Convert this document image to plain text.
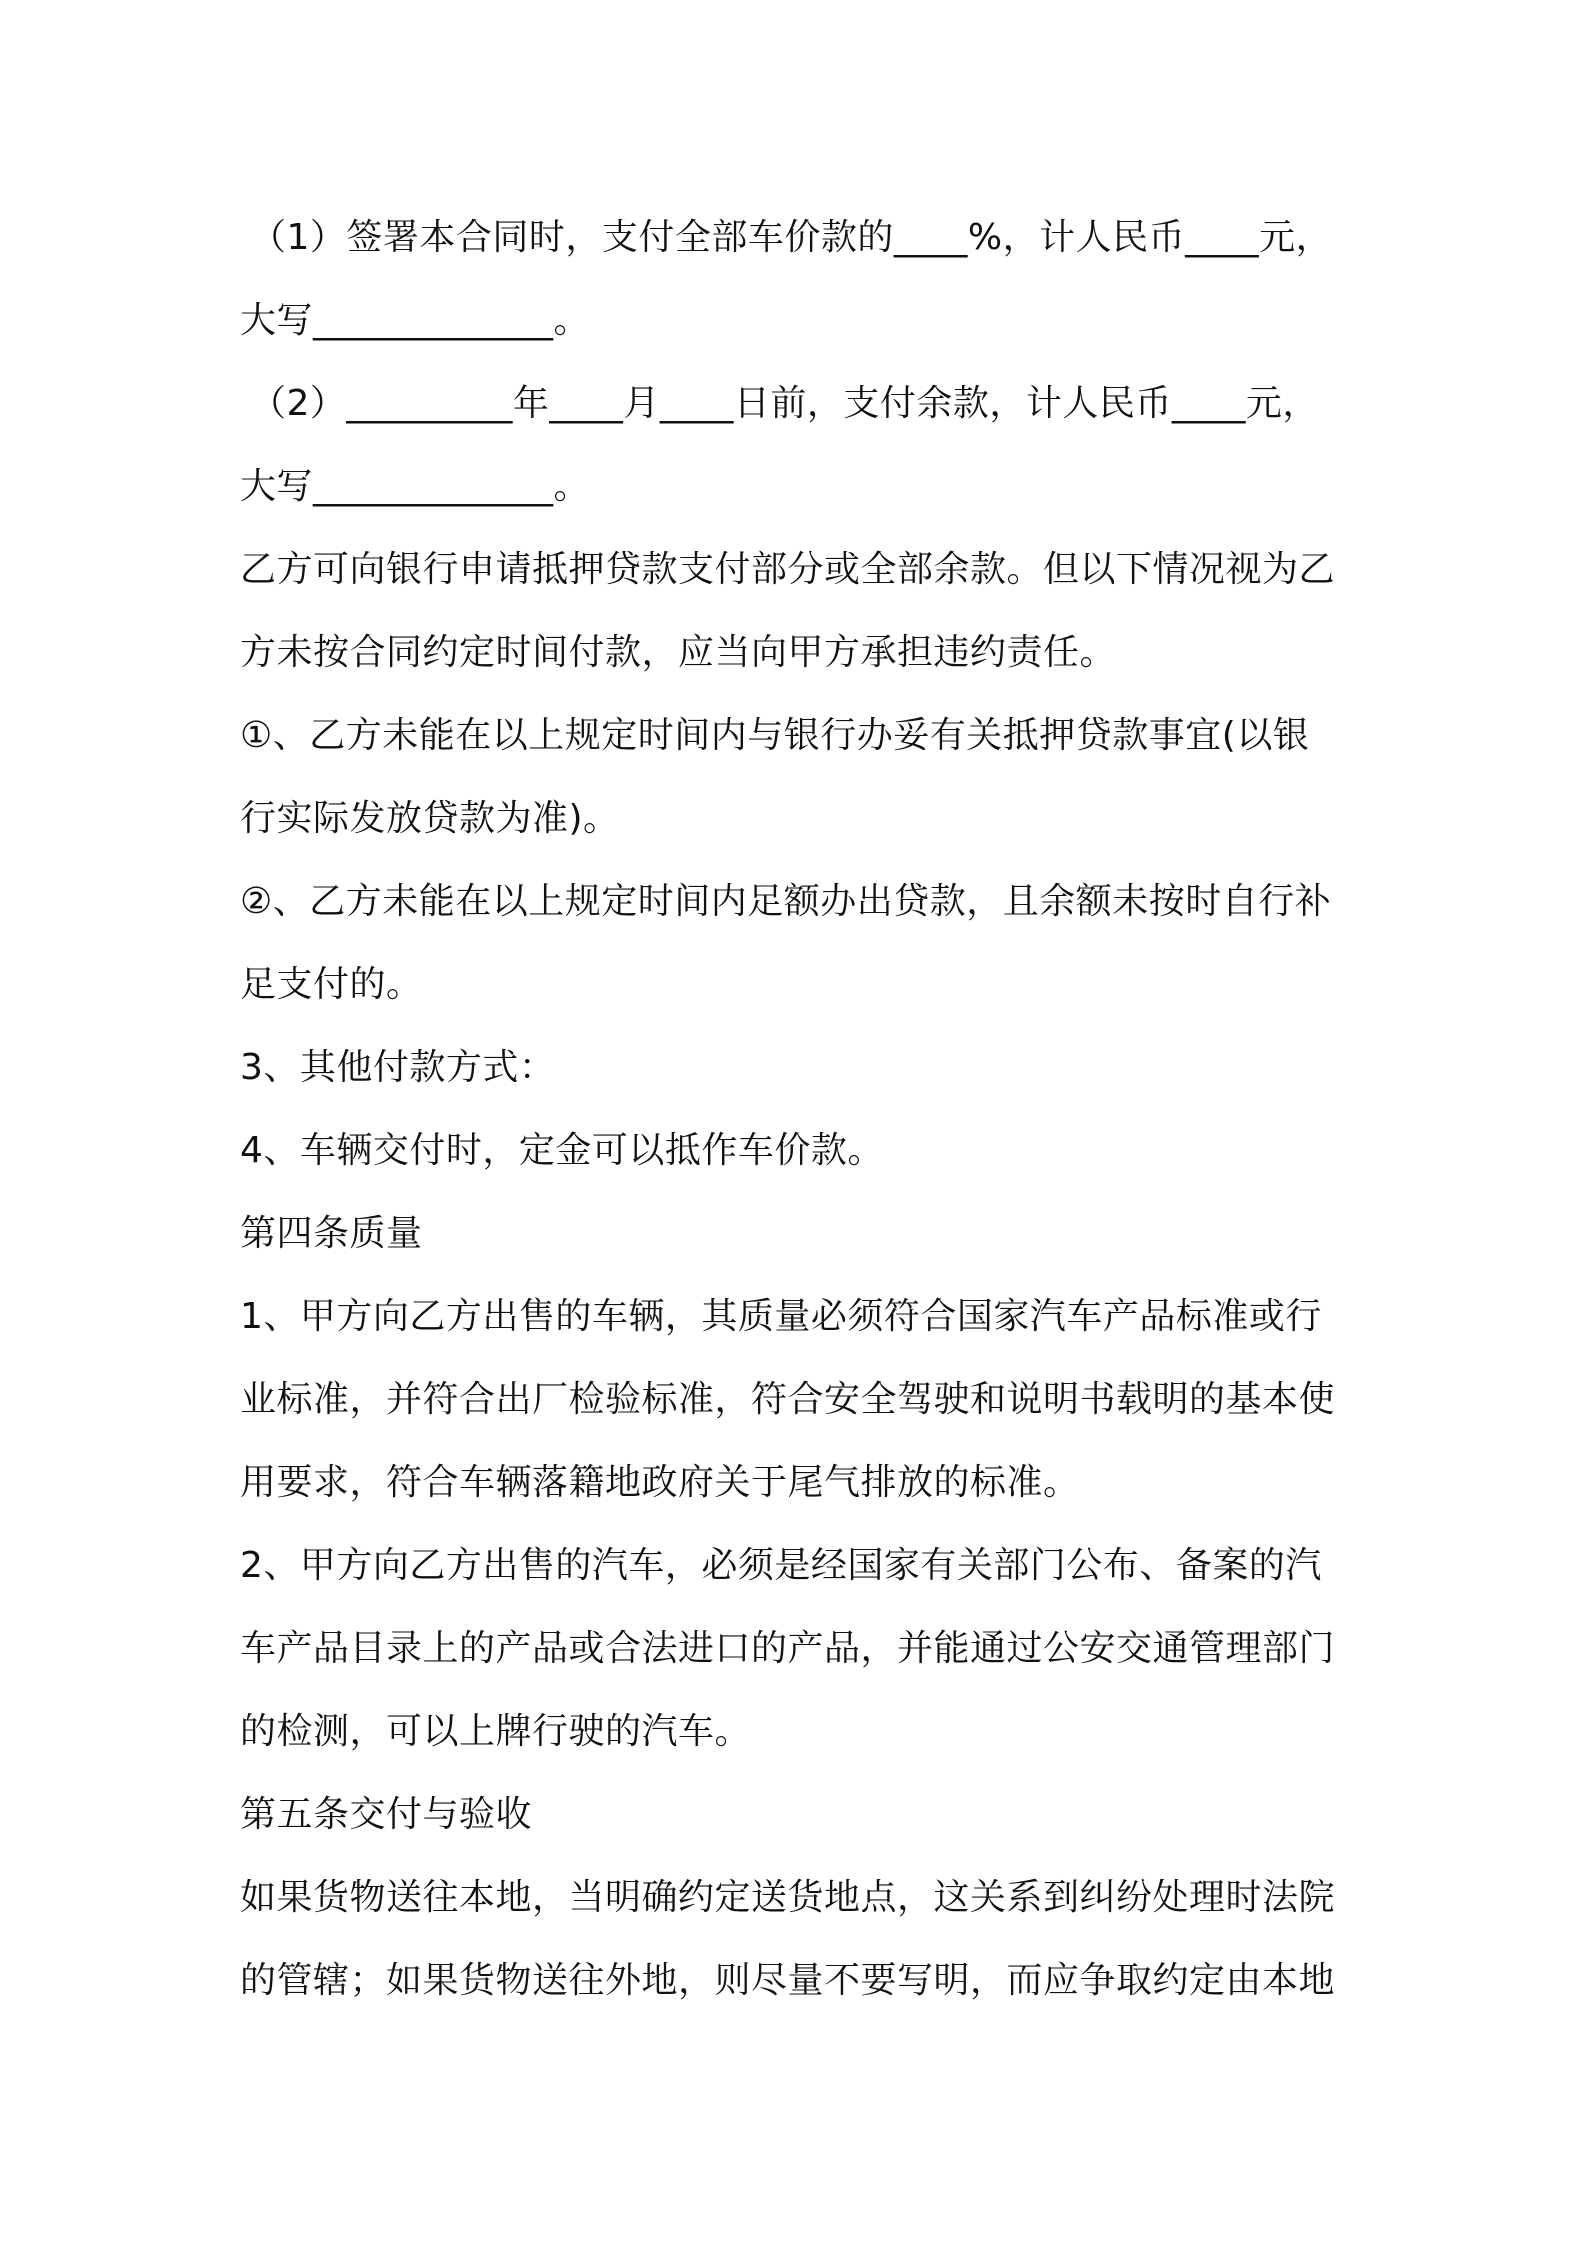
（1）签署本合同时，支付全部车价款的____%，计人民币____元，
大写_____________。
（2）_________年____月____日前，支付余款，计人民币____元，
大写_____________。
乙方可向银行申请抵押贷款支付部分或全部余款。但以下情况视为乙
方未按合同约定时间付款，应当向甲方承担违约责任。
①、乙方未能在以上规定时间内与银行办妥有关抵押贷款事宜(以银
行实际发放贷款为准)。
②、乙方未能在以上规定时间内足额办出贷款，且余额未按时自行补
足支付的。
3、其他付款方式：
4、车辆交付时，定金可以抵作车价款。
第四条质量
1、甲方向乙方出售的车辆，其质量必须符合国家汽车产品标准或行
业标准，并符合出厂检验标准，符合安全驾驶和说明书载明的基本使
用要求，符合车辆落籍地政府关于尾气排放的标准。
2、甲方向乙方出售的汽车，必须是经国家有关部门公布、备案的汽
车产品目录上的产品或合法进口的产品，并能通过公安交通管理部门
的检测，可以上牌行驶的汽车。
第五条交付与验收
如果货物送往本地，当明确约定送货地点，这关系到纠纷处理时法院
的管辖；如果货物送往外地，则尽量不要写明，而应争取约定由本地
